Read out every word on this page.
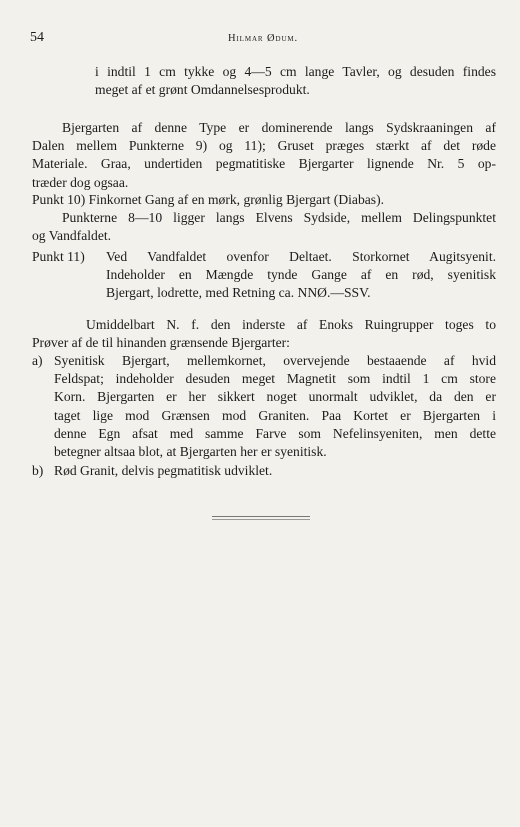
54	Hilmar Ødum.
i indtil 1 cm tykke og 4—5 cm lange Tavler, og desuden findes
meget af et grønt Omdannelsesprodukt.
Bjergarten af denne Type er dominerende langs Sydskraaningen af
Dalen mellem Punkterne 9) og 11); Gruset præges stærkt af det røde
Materiale. Graa, undertiden pegmatitiske Bjergarter lignende Nr. 5 op-
træder dog ogsaa.
Punkt 10) Finkornet Gang af en mørk, grønlig Bjergart (Diabas).
Punkterne 8—10 ligger langs Elvens Sydside, mellem Delingspunktet
og Vandfaldet.
Punkt 11) Ved Vandfaldet ovenfor Deltaet. Storkornet Augitsyenit.
Indeholder en Mængde tynde Gange af en rød, syenitisk
Bjergart, lodrette, med Retning ca. NNØ.—SSV.
Umiddelbart N. f. den inderste af Enoks Ruingrupper toges to
Prøver af de til hinanden grænsende Bjergarter:
a) Syenitisk Bjergart, mellemkornet, overvejende bestaaende af hvid
Feldspat; indeholder desuden meget Magnetit som indtil 1 cm store
Korn. Bjergarten er her sikkert noget unormalt udviklet, da den er
taget lige mod Grænsen mod Graniten. Paa Kortet er Bjergarten i
denne Egn afsat med samme Farve som Nefelinsyeniten, men dette
betegner altsaa blot, at Bjergarten her er syenitisk.
b) Rød Granit, delvis pegmatitisk udviklet.
